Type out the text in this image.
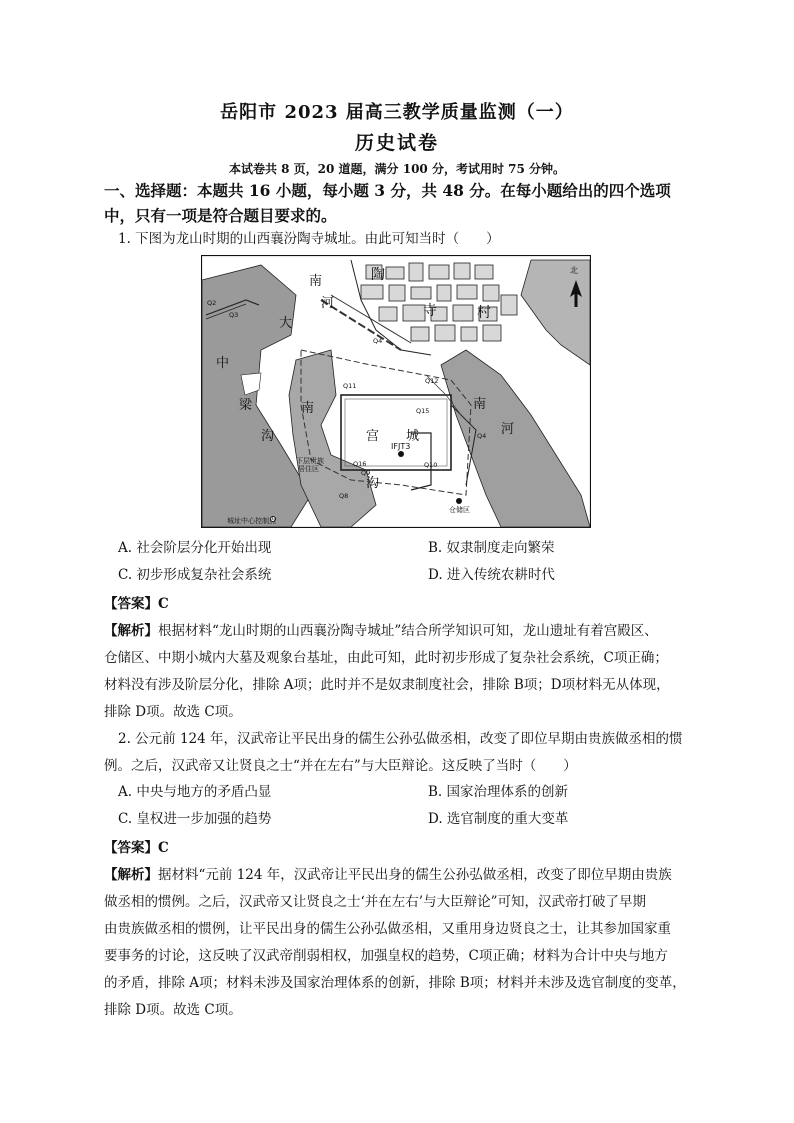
岳阳市 2023 届高三教学质量监测（一）
历史试卷
本试卷共 8 页，20 道题，满分 100 分，考试用时 75 分钟。
一、选择题：本题共 16 小题，每小题 3 分，共 48 分。在每小题给出的四个选项
中，只有一项是符合题目要求的。
1. 下图为龙山时期的山西襄汾陶寺城址。由此可知当时（　　）
南
河
大
中
梁
沟
南
沟
陶
寺	村
宫 城
南
河
北
IFJT3
下层贵族
居住区
仓储区
城址中心控制点
Q2
Q3
Q4
Q4
Q8
Q9
Q10
Q11
Q12
Q15
Q16
A. 社会阶层分化开始出现	B. 奴隶制度走向繁荣
C. 初步形成复杂社会系统	D. 进入传统农耕时代
【答案】C
【解析】根据材料“龙山时期的山西襄汾陶寺城址”结合所学知识可知，龙山遗址有着宫殿区、
仓储区、中期小城内大墓及观象台基址，由此可知，此时初步形成了复杂社会系统，C项正确；
材料没有涉及阶层分化，排除 A项；此时并不是奴隶制度社会，排除 B项；D项材料无从体现，
排除 D项。故选 C项。
2. 公元前 124 年，汉武帝让平民出身的儒生公孙弘做丞相，改变了即位早期由贵族做丞相的惯
例。之后，汉武帝又让贤良之士“并在左右”与大臣辩论。这反映了当时（　　）
A. 中央与地方的矛盾凸显	B. 国家治理体系的创新
C. 皇权进一步加强的趋势	D. 选官制度的重大变革
【答案】C
【解析】据材料“元前 124 年，汉武帝让平民出身的儒生公孙弘做丞相，改变了即位早期由贵族
做丞相的惯例。之后，汉武帝又让贤良之士‘并在左右’与大臣辩论”可知，汉武帝打破了早期
由贵族做丞相的惯例，让平民出身的儒生公孙弘做丞相，又重用身边贤良之士，让其参加国家重
要事务的讨论，这反映了汉武帝削弱相权，加强皇权的趋势，C项正确；材料为合计中央与地方
的矛盾，排除 A项；材料未涉及国家治理体系的创新，排除 B项；材料并未涉及选官制度的变革，
排除 D项。故选 C项。
